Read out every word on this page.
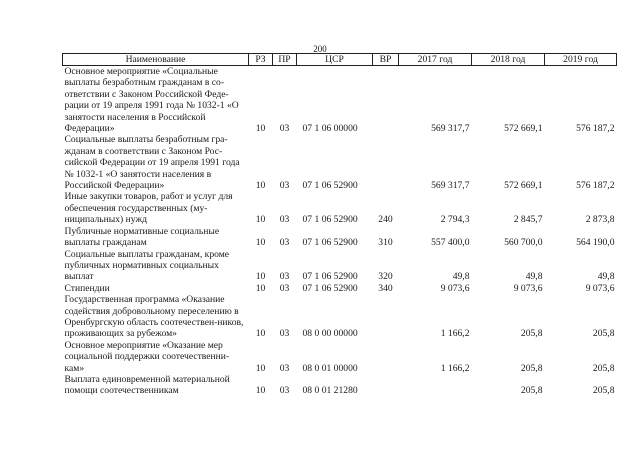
200
Наименование	РЗ	ПР	ЦСР	ВР	2017 год	2018 год	2019 год
Основное мероприятие «Социальные выплаты безработным гражданам в со-ответствии с Законом Российской Феде-рации от 19 апреля 1991 года № 1032-1 «О занятости населения в Российской Федерации»	10	03	07 1 06 00000		569 317,7	572 669,1	576 187,2
Социальные выплаты безработным гра-жданам в соответствии с Законом Рос-сийской Федерации от 19 апреля 1991 года № 1032-1 «О занятости населения в Российской Федерации»	10	03	07 1 06 52900		569 317,7	572 669,1	576 187,2
Иные закупки товаров, работ и услуг для обеспечения государственных (му-ниципальных) нужд	10	03	07 1 06 52900	240	2 794,3	2 845,7	2 873,8
Публичные нормативные социальные выплаты гражданам	10	03	07 1 06 52900	310	557 400,0	560 700,0	564 190,0
Социальные выплаты гражданам, кроме публичных нормативных социальных выплат	10	03	07 1 06 52900	320	49,8	49,8	49,8
Стипендии	10	03	07 1 06 52900	340	9 073,6	9 073,6	9 073,6
Государственная программа «Оказание содействия добровольному переселению в Оренбургскую область соотечествен-ников, проживающих за рубежом»	10	03	08 0 00 00000		1 166,2	205,8	205,8
Основное мероприятие «Оказание мер социальной поддержки соотечественни-кам»	10	03	08 0 01 00000		1 166,2	205,8	205,8
Выплата единовременной материальной помощи соотечественникам	10	03	08 0 01 21280			205,8	205,8
